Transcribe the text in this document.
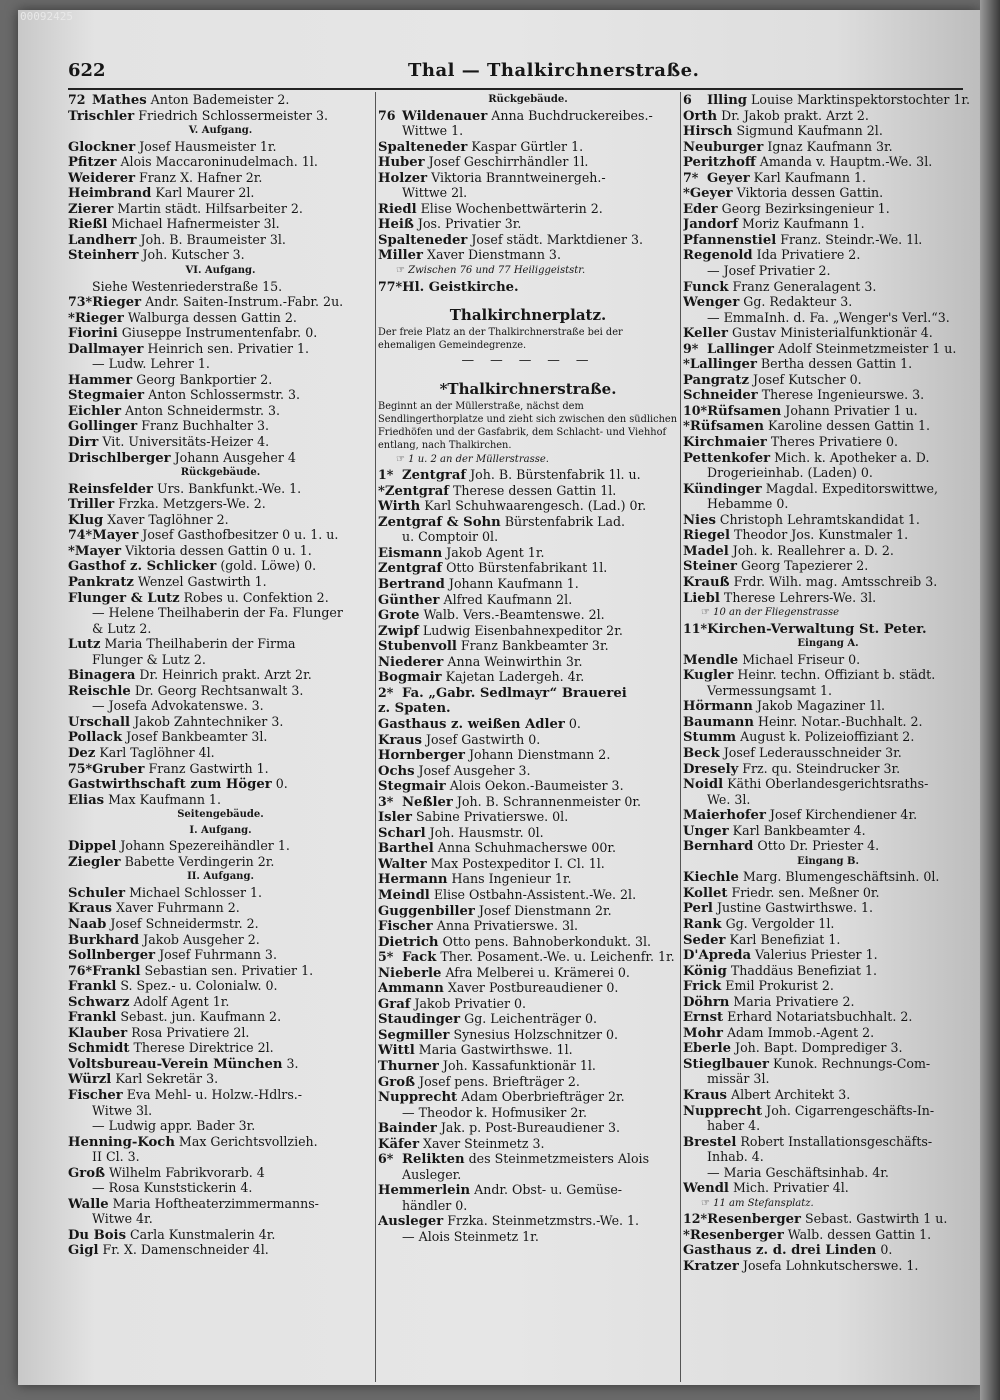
00092425
622	Thal — Thalkirchnerstraße.
72 Mathes Anton Bademeister 2.
Trischler Friedrich Schlossermeister 3.
V. Aufgang.
Glockner Josef Hausmeister 1r.
Pfitzer Alois Maccaroninudelmach. 1l.
Weiderer Franz X. Hafner 2r.
Heimbrand Karl Maurer 2l.
Zierer Martin städt. Hilfsarbeiter 2.
Rießl Michael Hafnermeister 3l.
Landherr Joh. B. Braumeister 3l.
Steinherr Joh. Kutscher 3.
VI. Aufgang.
Siehe Westenriederstraße 15.
73*Rieger Andr. Saiten-Instrum.-Fabr. 2u.
*Rieger Walburga dessen Gattin 2.
Fiorini Giuseppe Instrumentenfabr. 0.
Dallmayer Heinrich sen. Privatier 1.
— Ludw. Lehrer 1.
Hammer Georg Bankportier 2.
Stegmaier Anton Schlossermstr. 3.
Eichler Anton Schneidermstr. 3.
Gollinger Franz Buchhalter 3.
Dirr Vit. Universitäts-Heizer 4.
Drischlberger Johann Ausgeher 4
Rückgebäude.
Reinsfelder Urs. Bankfunkt.-We. 1.
Triller Frzka. Metzgers-We. 2.
Klug Xaver Taglöhner 2.
74*Mayer Josef Gasthofbesitzer 0 u. 1. u.
*Mayer Viktoria dessen Gattin 0 u. 1.
Gasthof z. Schlicker (gold. Löwe) 0.
Pankratz Wenzel Gastwirth 1.
Flunger & Lutz Robes u. Confektion 2.
— Helene Theilhaberin der Fa. Flunger
& Lutz 2.
Lutz Maria Theilhaberin der Firma
Flunger & Lutz 2.
Binagera Dr. Heinrich prakt. Arzt 2r.
Reischle Dr. Georg Rechtsanwalt 3.
— Josefa Advokatenswe. 3.
Urschall Jakob Zahntechniker 3.
Pollack Josef Bankbeamter 3l.
Dez Karl Taglöhner 4l.
75*Gruber Franz Gastwirth 1.
Gastwirthschaft zum Höger 0.
Elias Max Kaufmann 1.
Seitengebäude.
I. Aufgang.
Dippel Johann Spezereihändler 1.
Ziegler Babette Verdingerin 2r.
II. Aufgang.
Schuler Michael Schlosser 1.
Kraus Xaver Fuhrmann 2.
Naab Josef Schneidermstr. 2.
Burkhard Jakob Ausgeher 2.
Sollnberger Josef Fuhrmann 3.
76*Frankl Sebastian sen. Privatier 1.
Frankl S. Spez.- u. Colonialw. 0.
Schwarz Adolf Agent 1r.
Frankl Sebast. jun. Kaufmann 2.
Klauber Rosa Privatiere 2l.
Schmidt Therese Direktrice 2l.
Voltsbureau-Verein München 3.
Würzl Karl Sekretär 3.
Fischer Eva Mehl- u. Holzw.-Hdlrs.-
Witwe 3l.
— Ludwig appr. Bader 3r.
Henning-Koch Max Gerichtsvollzieh.
II Cl. 3.
Groß Wilhelm Fabrikvorarb. 4
— Rosa Kunststickerin 4.
Walle Maria Hoftheaterzimmermanns-
Witwe 4r.
Du Bois Carla Kunstmalerin 4r.
Gigl Fr. X. Damenschneider 4l.
Rückgebäude.
76 Wildenauer Anna Buchdruckereibes.-
Wittwe 1.
Spalteneder Kaspar Gürtler 1.
Huber Josef Geschirrhändler 1l.
Holzer Viktoria Branntweinergeh.-
Wittwe 2l.
Riedl Elise Wochenbettwärterin 2.
Heiß Jos. Privatier 3r.
Spalteneder Josef städt. Marktdiener 3.
Miller Xaver Dienstmann 3.
☞ Zwischen 76 und 77 Heiliggeiststr.
77*Hl. Geistkirche.
Thalkirchnerplatz.
Der freie Platz an der Thalkirchnerstraße bei der ehemaligen Gemeindegrenze.
— — — — —
*Thalkirchnerstraße.
Beginnt an der Müllerstraße, nächst dem Sendlingerthorplatze und zieht sich zwischen den südlichen Friedhöfen und der Gasfabrik, dem Schlacht- und Viehhof entlang, nach Thalkirchen.
☞ 1 u. 2 an der Müllerstrasse.
1* Zentgraf Joh. B. Bürstenfabrik 1l. u.
*Zentgraf Therese dessen Gattin 1l.
Wirth Karl Schuhwaarengesch. (Lad.) 0r.
Zentgraf & Sohn Bürstenfabrik Lad.
u. Comptoir 0l.
Eismann Jakob Agent 1r.
Zentgraf Otto Bürstenfabrikant 1l.
Bertrand Johann Kaufmann 1.
Günther Alfred Kaufmann 2l.
Grote Walb. Vers.-Beamtenswe. 2l.
Zwipf Ludwig Eisenbahnexpeditor 2r.
Stubenvoll Franz Bankbeamter 3r.
Niederer Anna Weinwirthin 3r.
Bogmair Kajetan Ladergeh. 4r.
2* Fa. „Gabr. Sedlmayr“ Brauerei
z. Spaten.
Gasthaus z. weißen Adler 0.
Kraus Josef Gastwirth 0.
Hornberger Johann Dienstmann 2.
Ochs Josef Ausgeher 3.
Stegmair Alois Oekon.-Baumeister 3.
3* Neßler Joh. B. Schrannenmeister 0r.
Isler Sabine Privatierswe. 0l.
Scharl Joh. Hausmstr. 0l.
Barthel Anna Schuhmacherswe 00r.
Walter Max Postexpeditor I. Cl. 1l.
Hermann Hans Ingenieur 1r.
Meindl Elise Ostbahn-Assistent.-We. 2l.
Guggenbiller Josef Dienstmann 2r.
Fischer Anna Privatierswe. 3l.
Dietrich Otto pens. Bahnoberkondukt. 3l.
5* Fack Ther. Posament.-We. u. Leichenfr. 1r.
Nieberle Afra Melberei u. Krämerei 0.
Ammann Xaver Postbureaudiener 0.
Graf Jakob Privatier 0.
Staudinger Gg. Leichenträger 0.
Segmiller Synesius Holzschnitzer 0.
Wittl Maria Gastwirthswe. 1l.
Thurner Joh. Kassafunktionär 1l.
Groß Josef pens. Briefträger 2.
Nupprecht Adam Oberbriefträger 2r.
— Theodor k. Hofmusiker 2r.
Bainder Jak. p. Post-Bureaudiener 3.
Käfer Xaver Steinmetz 3.
6* Relikten des Steinmetzmeisters Alois
Ausleger.
Hemmerlein Andr. Obst- u. Gemüse-
händler 0.
Ausleger Frzka. Steinmetzmstrs.-We. 1.
— Alois Steinmetz 1r.
6 Illing Louise Marktinspektorstochter 1r.
Orth Dr. Jakob prakt. Arzt 2.
Hirsch Sigmund Kaufmann 2l.
Neuburger Ignaz Kaufmann 3r.
Peritzhoff Amanda v. Hauptm.-We. 3l.
7* Geyer Karl Kaufmann 1.
*Geyer Viktoria dessen Gattin.
Eder Georg Bezirksingenieur 1.
Jandorf Moriz Kaufmann 1.
Pfannenstiel Franz. Steindr.-We. 1l.
Regenold Ida Privatiere 2.
— Josef Privatier 2.
Funck Franz Generalagent 3.
Wenger Gg. Redakteur 3.
— EmmaInh. d. Fa. „Wenger's Verl.“3.
Keller Gustav Ministerialfunktionär 4.
9* Lallinger Adolf Steinmetzmeister 1 u.
*Lallinger Bertha dessen Gattin 1.
Pangratz Josef Kutscher 0.
Schneider Therese Ingenieurswe. 3.
10*Rüfsamen Johann Privatier 1 u.
*Rüfsamen Karoline dessen Gattin 1.
Kirchmaier Theres Privatiere 0.
Pettenkofer Mich. k. Apotheker a. D.
Drogerieinhab. (Laden) 0.
Kündinger Magdal. Expeditorswittwe,
Hebamme 0.
Nies Christoph Lehramtskandidat 1.
Riegel Theodor Jos. Kunstmaler 1.
Madel Joh. k. Reallehrer a. D. 2.
Steiner Georg Tapezierer 2.
Krauß Frdr. Wilh. mag. Amtsschreib 3.
Liebl Therese Lehrers-We. 3l.
☞ 10 an der Fliegenstrasse
11*Kirchen-Verwaltung St. Peter.
Eingang A.
Mendle Michael Friseur 0.
Kugler Heinr. techn. Offiziant b. städt.
Vermessungsamt 1.
Hörmann Jakob Magaziner 1l.
Baumann Heinr. Notar.-Buchhalt. 2.
Stumm August k. Polizeioffiziant 2.
Beck Josef Lederausschneider 3r.
Dresely Frz. qu. Steindrucker 3r.
Noidl Käthi Oberlandesgerichtsraths-
We. 3l.
Maierhofer Josef Kirchendiener 4r.
Unger Karl Bankbeamter 4.
Bernhard Otto Dr. Priester 4.
Eingang B.
Kiechle Marg. Blumengeschäftsinh. 0l.
Kollet Friedr. sen. Meßner 0r.
Perl Justine Gastwirthswe. 1.
Rank Gg. Vergolder 1l.
Seder Karl Benefiziat 1.
D'Apreda Valerius Priester 1.
König Thaddäus Benefiziat 1.
Frick Emil Prokurist 2.
Döhrn Maria Privatiere 2.
Ernst Erhard Notariatsbuchhalt. 2.
Mohr Adam Immob.-Agent 2.
Eberle Joh. Bapt. Domprediger 3.
Stieglbauer Kunok. Rechnungs-Com-
missär 3l.
Kraus Albert Architekt 3.
Nupprecht Joh. Cigarrengeschäfts-In-
haber 4.
Brestel Robert Installationsgeschäfts-
Inhab. 4.
— Maria Geschäftsinhab. 4r.
Wendl Mich. Privatier 4l.
☞ 11 am Stefansplatz.
12*Resenberger Sebast. Gastwirth 1 u.
*Resenberger Walb. dessen Gattin 1.
Gasthaus z. d. drei Linden 0.
Kratzer Josefa Lohnkutscherswe. 1.
